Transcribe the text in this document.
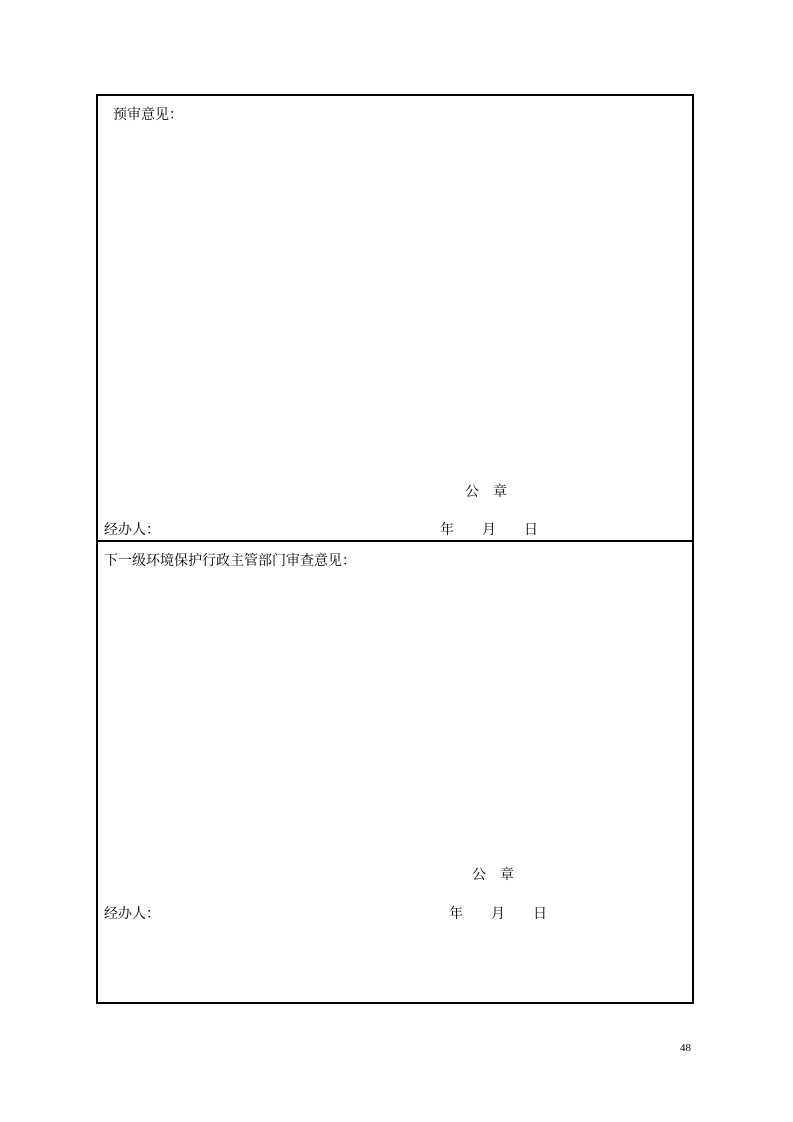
预审意见：
公　章
经办人：	年　　月　　日
下一级环境保护行政主管部门审查意见：
公　章
经办人：	年　　月　　日
48
